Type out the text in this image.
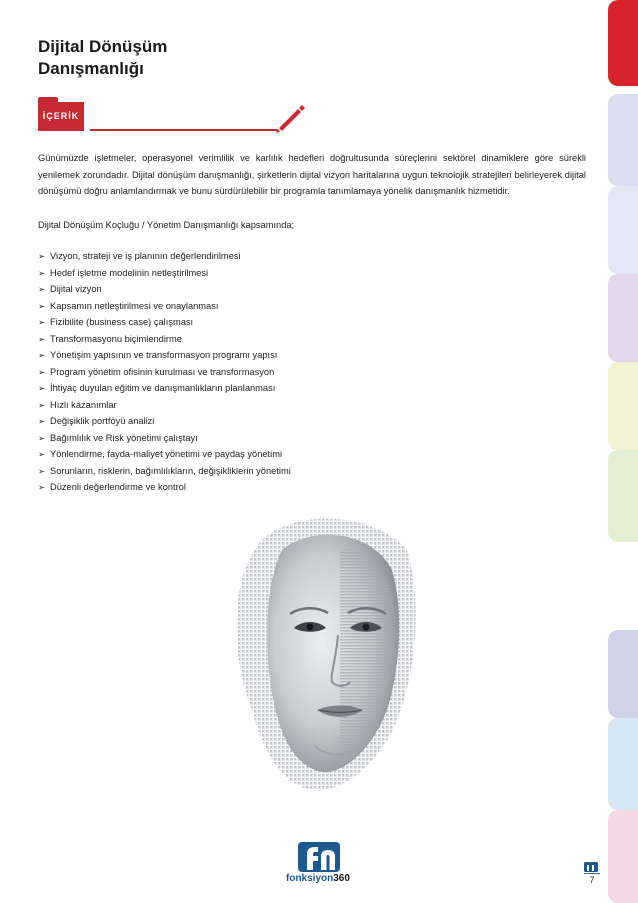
Dijital Dönüşüm
Danışmanlığı
İÇERİK

Günümüzde işletmeler, operasyonel verimlilik ve karlılık hedefleri doğrultusunda süreçlerini sektörel dinamiklere göre sürekli yenilemek zorundadır. Dijital dönüşüm danışmanlığı, şirketlerin dijital vizyon haritalarına uygun teknolojik stratejileri belirleyerek dijital dönüşümü doğru anlamlandırmak ve bunu sürdürülebilir bir programla tanımlamaya yönelik danışmanlık hizmetidir.

Dijital Dönüşüm Koçluğu / Yönetim Danışmanlığı kapsamında;

➢ Vizyon, strateji ve iş planının değerlendirilmesi
➢ Hedef işletme modelinin netleştirilmesi
➢ Dijital vizyon
➢ Kapsamın netleştirilmesi ve onaylanması
➢ Fizibilite (business case) çalışması
➢ Transformasyonu biçimlendirme
➢ Yönetişim yapısının ve transformasyon programı yapısı
➢ Program yönetim ofisinin kurulması ve transformasyon
➢ İhtiyaç duyulan eğitim ve danışmanlıkların planlanması
➢ Hızlı kazanımlar
➢ Değişiklik portföyü analizi
➢ Bağımlılık ve Risk yönetimi çalıştayı
➢ Yönlendirme, fayda-maliyet yönetimi ve paydaş yönetimi
➢ Sorunların, risklerin, bağımlılıkların, değişikliklerin yönetimi
➢ Düzenli değerlendirme ve kontrol
fonksiyon360	7
